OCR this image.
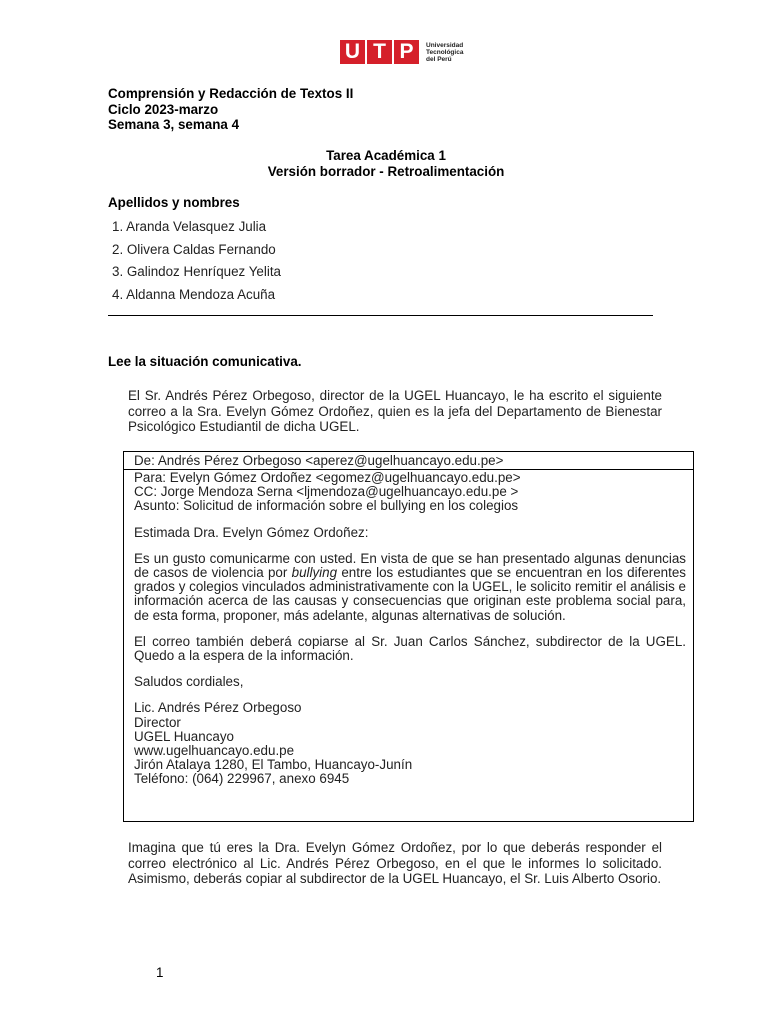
U T P	Universidad
Tecnológica
del Perú
Comprensión y Redacción de Textos II
Ciclo 2023-marzo
Semana 3, semana 4
Tarea Académica 1
Versión borrador - Retroalimentación
Apellidos y nombres
1. Aranda Velasquez Julia
2. Olivera Caldas Fernando
3. Galindoz Henríquez Yelita
4. Aldanna Mendoza Acuña
Lee la situación comunicativa.
El Sr. Andrés Pérez Orbegoso, director de la UGEL Huancayo, le ha escrito el siguiente correo a la Sra. Evelyn Gómez Ordoñez, quien es la jefa del Departamento de Bienestar Psicológico Estudiantil de dicha UGEL.
De: Andrés Pérez Orbegoso <aperez@ugelhuancayo.edu.pe>

Para: Evelyn Gómez Ordoñez <egomez@ugelhuancayo.edu.pe>

CC: Jorge Mendoza Serna <ljmendoza@ugelhuancayo.edu.pe >

Asunto: Solicitud de información sobre el bullying en los colegios

Estimada Dra. Evelyn Gómez Ordoñez:

Es un gusto comunicarme con usted. En vista de que se han presentado algunas denuncias de casos de violencia por bullying entre los estudiantes que se encuentran en los diferentes grados y colegios vinculados administrativamente con la UGEL, le solicito remitir el análisis e información acerca de las causas y consecuencias que originan este problema social para, de esta forma, proponer, más adelante, algunas alternativas de solución.

El correo también deberá copiarse al Sr. Juan Carlos Sánchez, subdirector de la UGEL. Quedo a la espera de la información.

Saludos cordiales,

Lic. Andrés Pérez Orbegoso

Director

UGEL Huancayo

www.ugelhuancayo.edu.pe

Jirón Atalaya 1280, El Tambo, Huancayo-Junín

Teléfono: (064) 229967, anexo 6945

Imagina que tú eres la Dra. Evelyn Gómez Ordoñez, por lo que deberás responder el correo electrónico al Lic. Andrés Pérez Orbegoso, en el que le informes lo solicitado. Asimismo, deberás copiar al subdirector de la UGEL Huancayo, el Sr. Luis Alberto Osorio.
1
